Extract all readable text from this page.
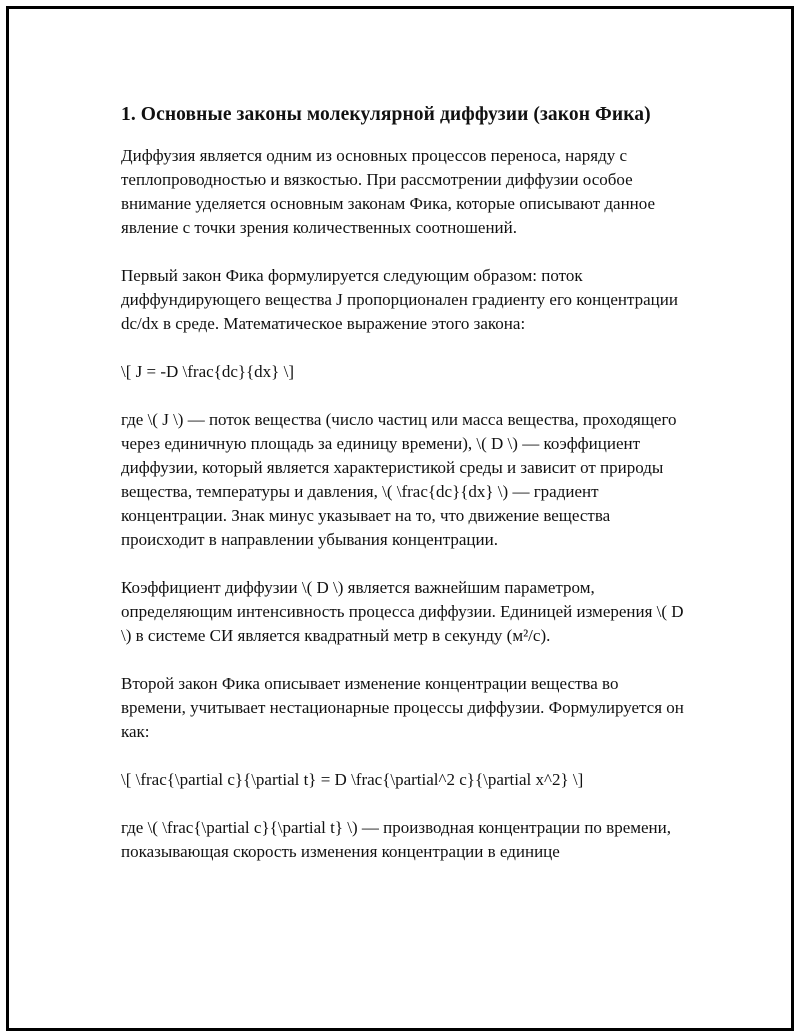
1. Основные законы молекулярной диффузии (закон Фика)

Диффузия является одним из основных процессов переноса, наряду с теплопроводностью и вязкостью. При рассмотрении диффузии особое внимание уделяется основным законам Фика, которые описывают данное явление с точки зрения количественных соотношений.

Первый закон Фика формулируется следующим образом: поток диффундирующего вещества J пропорционален градиенту его концентрации dc/dx в среде. Математическое выражение этого закона:

\[ J = -D \frac{dc}{dx} \]

где \( J \) — поток вещества (число частиц или масса вещества, проходящего через единичную площадь за единицу времени), \( D \) — коэффициент диффузии, который является характеристикой среды и зависит от природы вещества, температуры и давления, \( \frac{dc}{dx} \) — градиент концентрации. Знак минус указывает на то, что движение вещества происходит в направлении убывания концентрации.

Коэффициент диффузии \( D \) является важнейшим параметром, определяющим интенсивность процесса диффузии. Единицей измерения \( D \) в системе СИ является квадратный метр в секунду (м²/с).

Второй закон Фика описывает изменение концентрации вещества во времени, учитывает нестационарные процессы диффузии. Формулируется он как:

\[ \frac{\partial c}{\partial t} = D \frac{\partial^2 c}{\partial x^2} \]

где \( \frac{\partial c}{\partial t} \) — производная концентрации по времени, показывающая скорость изменения концентрации в единице
